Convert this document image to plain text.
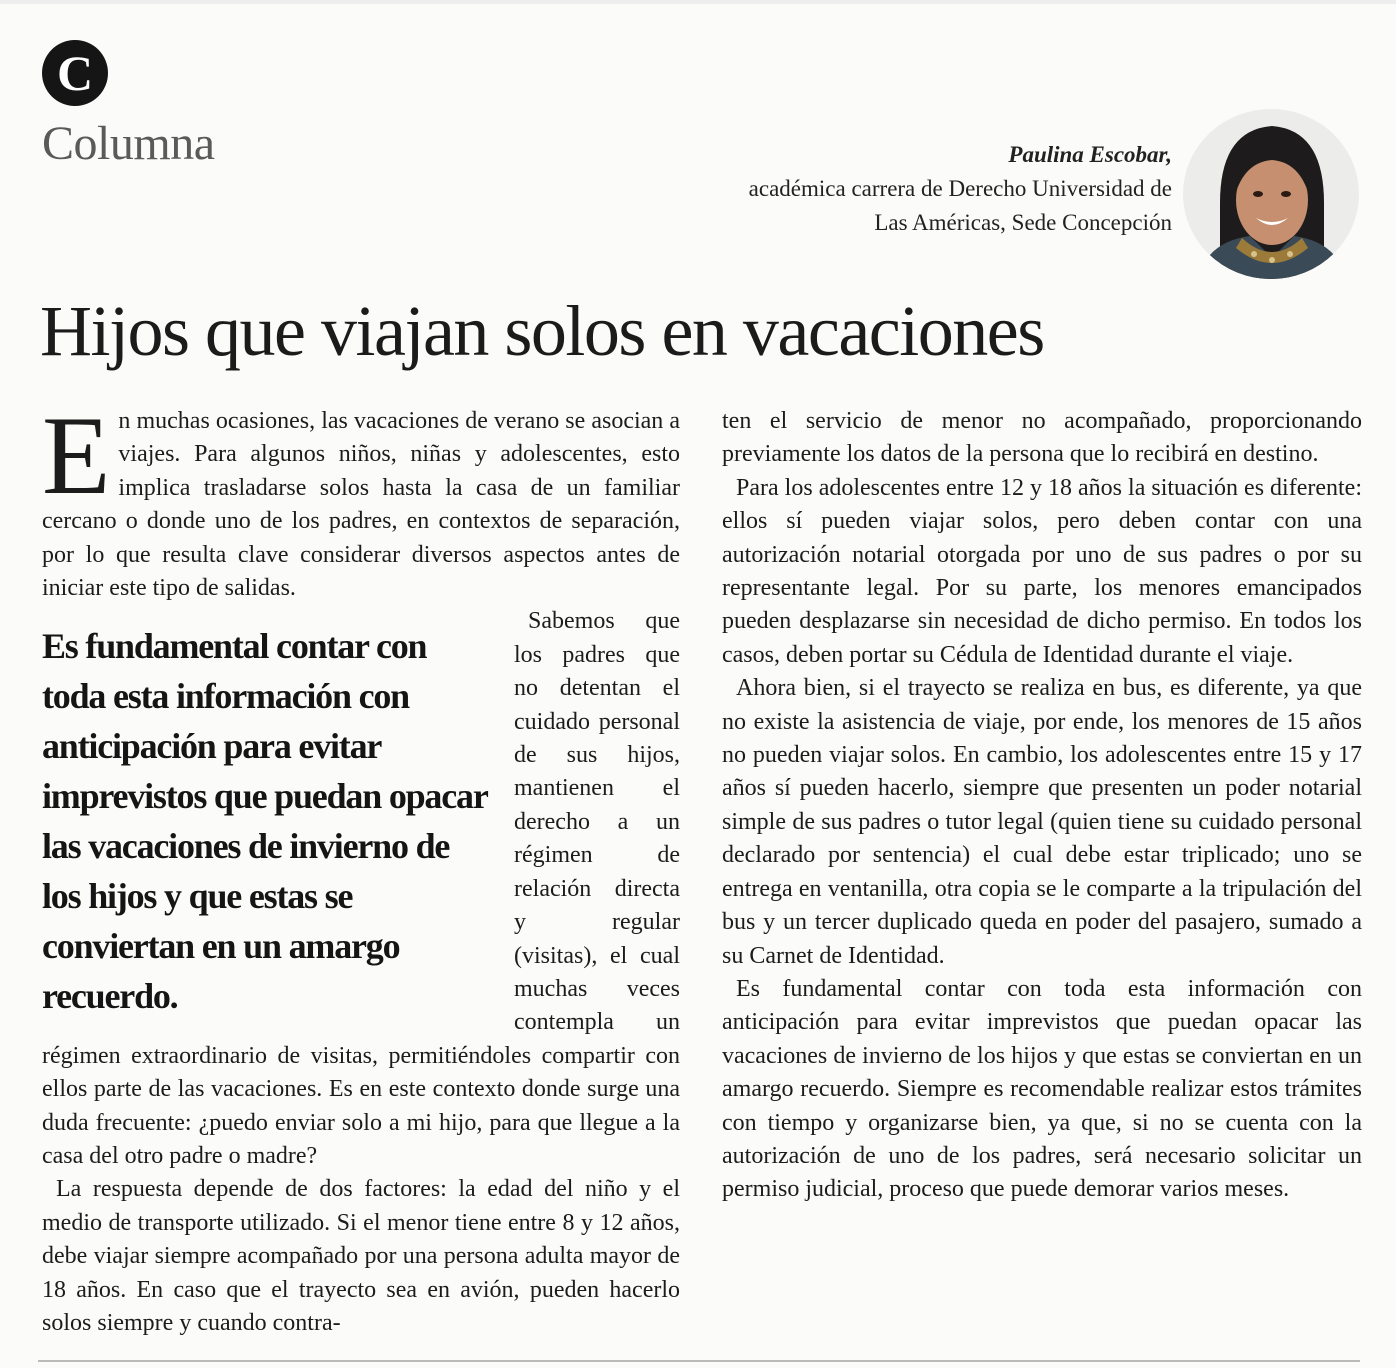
C
Columna	Paulina Escobar,
académica carrera de Derecho Universidad de
Las Américas, Sede Concepción
Hijos que viajan solos en vacaciones

En muchas ocasiones, las vacaciones de verano se asocian a viajes. Para algunos niños, niñas y adolescentes, esto implica trasladarse solos hasta la casa de un familiar cercano o donde uno de los padres, en contextos de separación, por lo que resulta clave considerar diversos aspectos antes de iniciar este tipo de salidas.

Es fundamental contar con toda esta información con anticipación para evitar imprevistos que puedan opacar las vacaciones de invierno de los hijos y que estas se conviertan en un amargo recuerdo.

Sabemos que los padres que no detentan el cuidado personal de sus hijos, mantienen el derecho a un régimen de relación directa y regular (visitas), el cual muchas veces contempla un régimen extraordinario de visitas, permitiéndoles compartir con ellos parte de las vacaciones. Es en este contexto donde surge una duda frecuente: ¿puedo enviar solo a mi hijo, para que llegue a la casa del otro padre o madre?

La respuesta depende de dos factores: la edad del niño y el medio de transporte utilizado. Si el menor tiene entre 8 y 12 años, debe viajar siempre acompañado por una persona adulta mayor de 18 años. En caso que el trayecto sea en avión, pueden hacerlo solos siempre y cuando contra-

ten el servicio de menor no acompañado, proporcionando previamente los datos de la persona que lo recibirá en destino.

Para los adolescentes entre 12 y 18 años la situación es diferente: ellos sí pueden viajar solos, pero deben contar con una autorización notarial otorgada por uno de sus padres o por su representante legal. Por su parte, los menores emancipados pueden desplazarse sin necesidad de dicho permiso. En todos los casos, deben portar su Cédula de Identidad durante el viaje.

Ahora bien, si el trayecto se realiza en bus, es diferente, ya que no existe la asistencia de viaje, por ende, los menores de 15 años no pueden viajar solos. En cambio, los adolescentes entre 15 y 17 años sí pueden hacerlo, siempre que presenten un poder notarial simple de sus padres o tutor legal (quien tiene su cuidado personal declarado por sentencia) el cual debe estar triplicado; uno se entrega en ventanilla, otra copia se le comparte a la tripulación del bus y un tercer duplicado queda en poder del pasajero, sumado a su Carnet de Identidad.

Es fundamental contar con toda esta información con anticipación para evitar imprevistos que puedan opacar las vacaciones de invierno de los hijos y que estas se conviertan en un amargo recuerdo. Siempre es recomendable realizar estos trámites con tiempo y organizarse bien, ya que, si no se cuenta con la autorización de uno de los padres, será necesario solicitar un permiso judicial, proceso que puede demorar varios meses.
